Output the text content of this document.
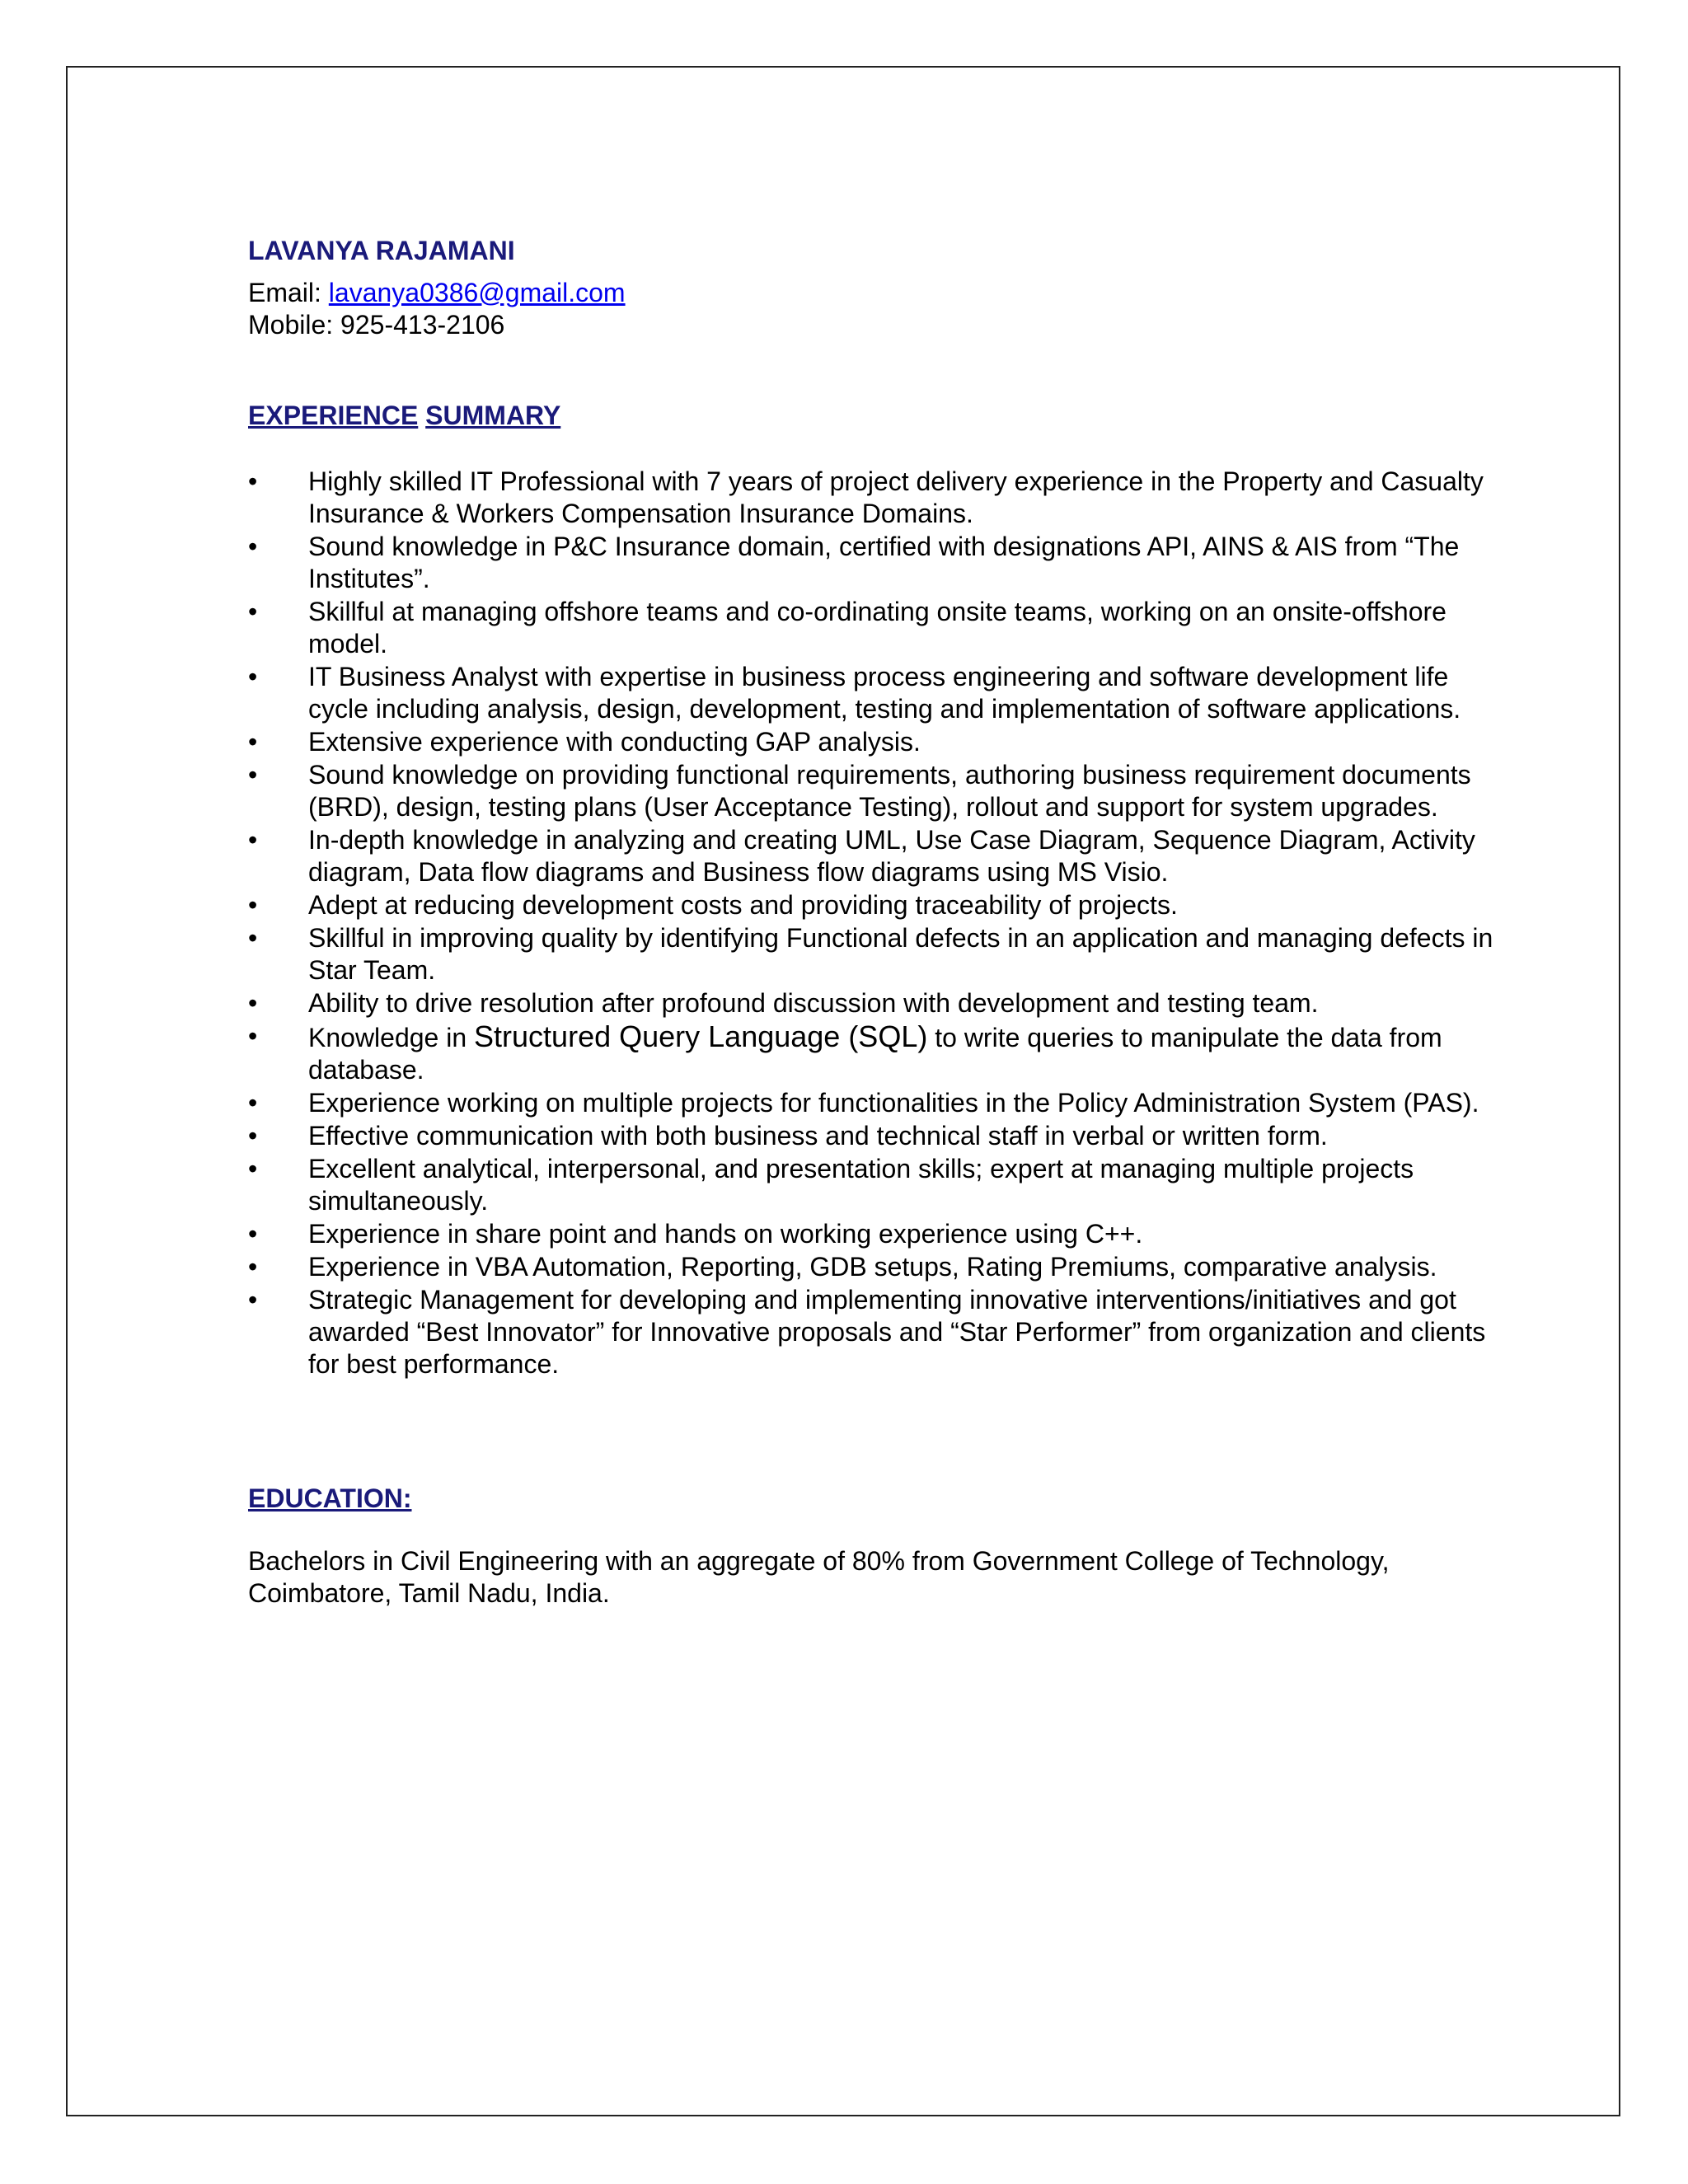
LAVANYA RAJAMANI
Email: lavanya0386@gmail.com
Mobile: 925-413-2106
EXPERIENCE SUMMARY
•	Highly skilled IT Professional with 7 years of project delivery experience in the Property and Casualty Insurance & Workers Compensation Insurance Domains.
•	Sound knowledge in P&C Insurance domain, certified with designations API, AINS & AIS from “The Institutes”.
•	Skillful at managing offshore teams and co-ordinating onsite teams, working on an onsite-offshore model.
•	IT Business Analyst with expertise in business process engineering and software development life cycle including analysis, design, development, testing and implementation of software applications.
•	Extensive experience with conducting GAP analysis.
•	Sound knowledge on providing functional requirements, authoring business requirement documents (BRD), design, testing plans (User Acceptance Testing), rollout and support for system upgrades.
•	In-depth knowledge in analyzing and creating UML, Use Case Diagram, Sequence Diagram, Activity diagram, Data flow diagrams and Business flow diagrams using MS Visio.
•	Adept at reducing development costs and providing traceability of projects.
•	Skillful in improving quality by identifying Functional defects in an application and managing defects in Star Team.
•	Ability to drive resolution after profound discussion with development and testing team.
•	Knowledge in Structured Query Language (SQL) to write queries to manipulate the data from database.
•	Experience working on multiple projects for functionalities in the Policy Administration System (PAS).
•	Effective communication with both business and technical staff in verbal or written form.
•	Excellent analytical, interpersonal, and presentation skills; expert at managing multiple projects simultaneously.
•	Experience in share point and hands on working experience using C++.
•	Experience in VBA Automation, Reporting, GDB setups, Rating Premiums, comparative analysis.
•	Strategic Management for developing and implementing innovative interventions/initiatives and got awarded “Best Innovator” for Innovative proposals and “Star Performer” from organization and clients for best performance.
EDUCATION:
Bachelors in Civil Engineering with an aggregate of 80% from Government College of Technology, Coimbatore, Tamil Nadu, India.
